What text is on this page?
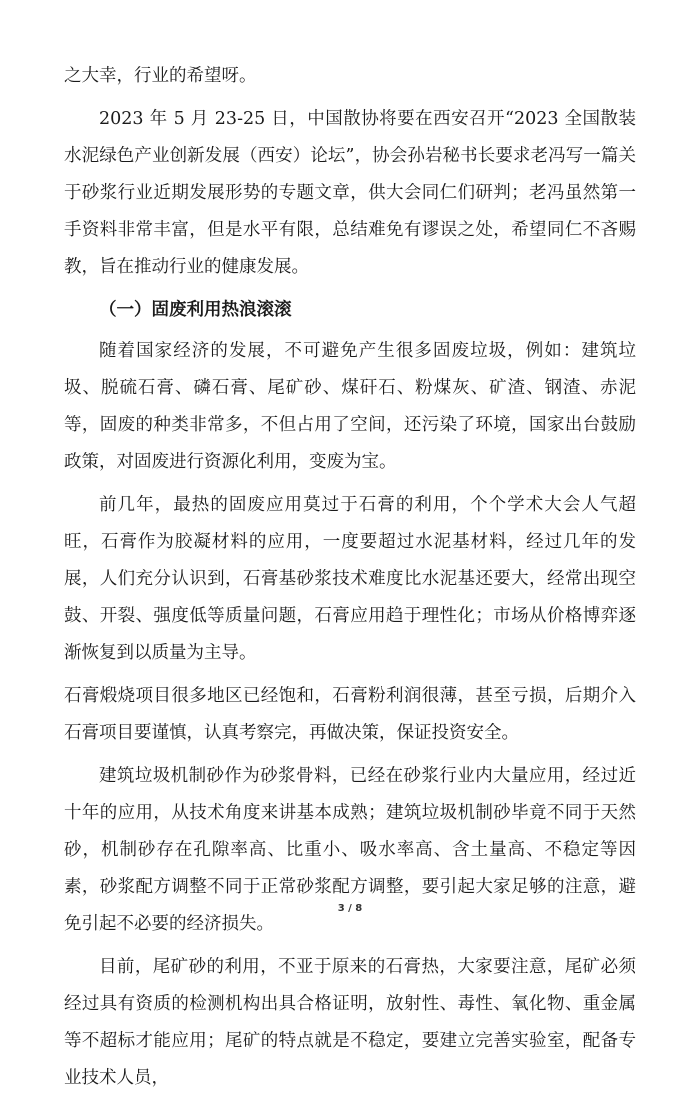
之大幸，行业的希望呀。

2023 年 5 月 23-25 日，中国散协将要在西安召开“2023 全国散装水泥绿色产业创新发展（西安）论坛”，协会孙岩秘书长要求老冯写一篇关于砂浆行业近期发展形势的专题文章，供大会同仁们研判；老冯虽然第一手资料非常丰富，但是水平有限，总结难免有谬误之处，希望同仁不吝赐教，旨在推动行业的健康发展。

（一）固废利用热浪滚滚

随着国家经济的发展，不可避免产生很多固废垃圾，例如：建筑垃圾、脱硫石膏、磷石膏、尾矿砂、煤矸石、粉煤灰、矿渣、钢渣、赤泥等，固废的种类非常多，不但占用了空间，还污染了环境，国家出台鼓励政策，对固废进行资源化利用，变废为宝。

前几年，最热的固废应用莫过于石膏的利用，个个学术大会人气超旺，石膏作为胶凝材料的应用，一度要超过水泥基材料，经过几年的发展，人们充分认识到，石膏基砂浆技术难度比水泥基还要大，经常出现空鼓、开裂、强度低等质量问题，石膏应用趋于理性化；市场从价格博弈逐渐恢复到以质量为主导。

石膏煅烧项目很多地区已经饱和，石膏粉利润很薄，甚至亏损，后期介入石膏项目要谨慎，认真考察完，再做决策，保证投资安全。

建筑垃圾机制砂作为砂浆骨料，已经在砂浆行业内大量应用，经过近十年的应用，从技术角度来讲基本成熟；建筑垃圾机制砂毕竟不同于天然砂，机制砂存在孔隙率高、比重小、吸水率高、含土量高、不稳定等因素，砂浆配方调整不同于正常砂浆配方调整，要引起大家足够的注意，避免引起不必要的经济损失。

目前，尾矿砂的利用，不亚于原来的石膏热，大家要注意，尾矿必须经过具有资质的检测机构出具合格证明，放射性、毒性、氧化物、重金属等不超标才能应用；尾矿的特点就是不稳定，要建立完善实验室，配备专业技术人员，

3 / 8
